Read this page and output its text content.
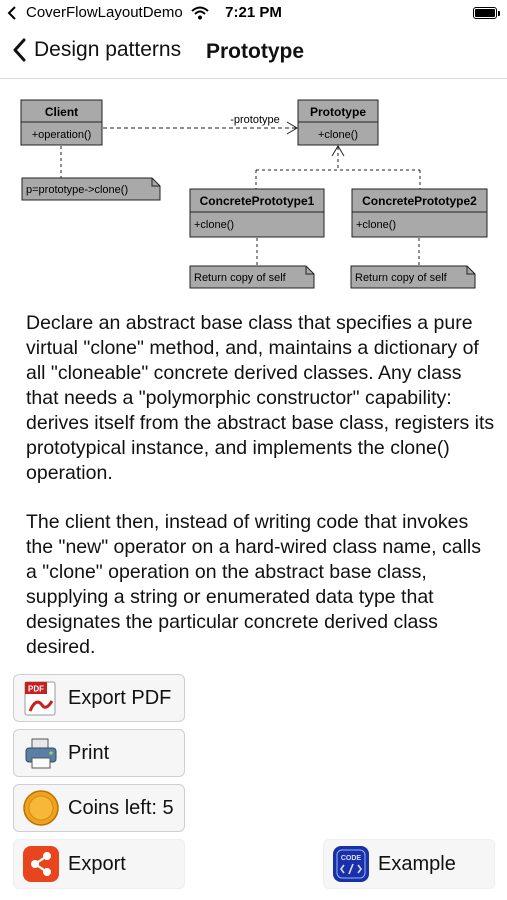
CoverFlowLayoutDemo	7:21 PM
Design patterns Prototype
Client
+operation()
-prototype
Prototype
+clone()
p=prototype->clone()
ConcretePrototype1
+clone()
ConcretePrototype2
+clone()
Return copy of self	Return copy of self

Declare an abstract base class that specifies a pure virtual "clone" method, and, maintains a dictionary of all "cloneable" concrete derived classes. Any class that needs a "polymorphic constructor" capability: derives itself from the abstract base class, registers its prototypical instance, and implements the clone() operation.

The client then, instead of writing code that invokes the "new" operator on a hard-wired class name, calls a "clone" operation on the abstract base class, supplying a string or enumerated data type that designates the particular concrete derived class desired.

PDF Export PDF
Print
Coins left: 5
Export	CODE Example
